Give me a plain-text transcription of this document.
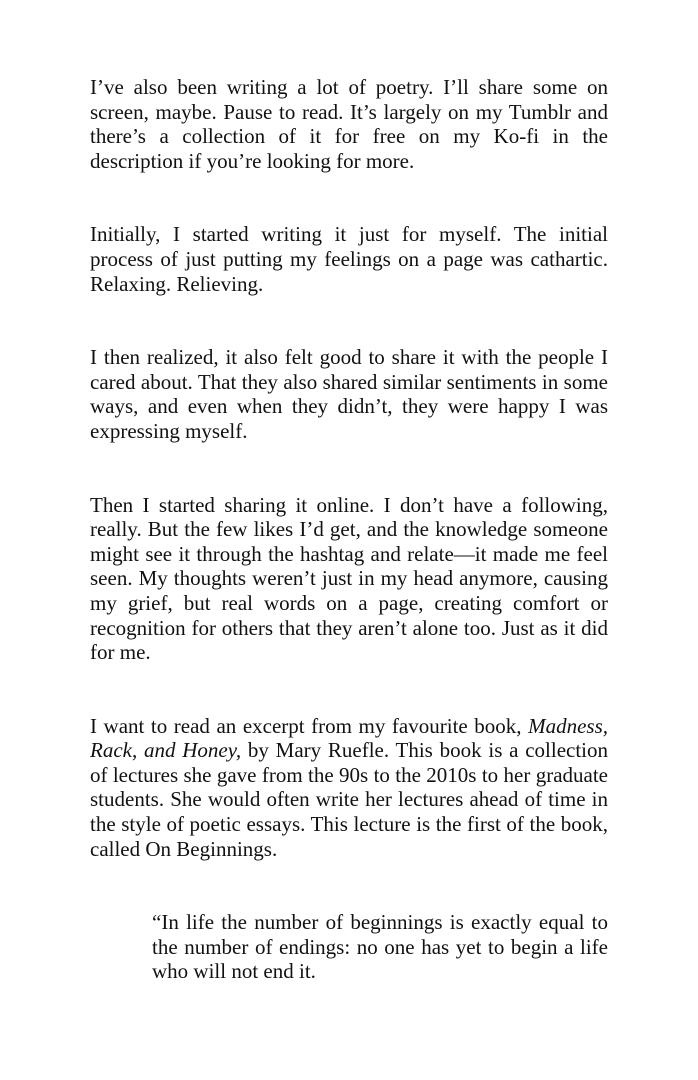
I’ve also been writing a lot of poetry. I’ll share some on screen, maybe. Pause to read. It’s largely on my Tumblr and there’s a collection of it for free on my Ko-fi in the description if you’re looking for more.

Initially, I started writing it just for myself. The initial process of just putting my feelings on a page was cathartic. Relaxing. Relieving.

I then realized, it also felt good to share it with the people I cared about. That they also shared similar sentiments in some ways, and even when they didn’t, they were happy I was expressing myself.

Then I started sharing it online. I don’t have a following, really. But the few likes I’d get, and the knowledge someone might see it through the hashtag and relate—it made me feel seen. My thoughts weren’t just in my head anymore, causing my grief, but real words on a page, creating comfort or recognition for others that they aren’t alone too. Just as it did for me.

I want to read an excerpt from my favourite book, Madness, Rack, and Honey, by Mary Ruefle. This book is a collection of lectures she gave from the 90s to the 2010s to her graduate students. She would often write her lectures ahead of time in the style of poetic essays. This lecture is the first of the book, called On Beginnings.

“In life the number of beginnings is exactly equal to the number of endings: no one has yet to begin a life who will not end it.
